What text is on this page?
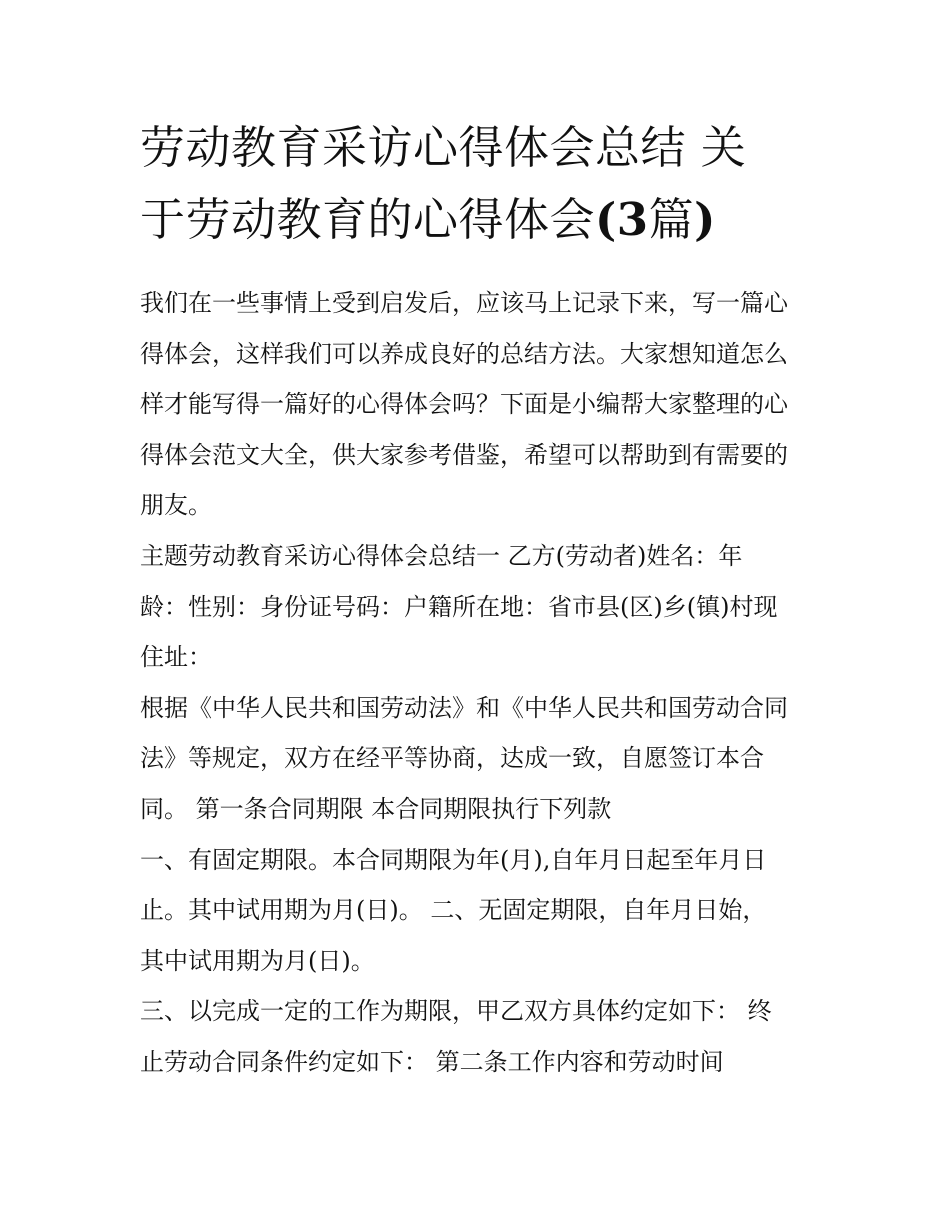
劳动教育采访心得体会总结 关
于劳动教育的心得体会(3篇)

我们在一些事情上受到启发后，应该马上记录下来，写一篇心
得体会，这样我们可以养成良好的总结方法。大家想知道怎么
样才能写得一篇好的心得体会吗？下面是小编帮大家整理的心
得体会范文大全，供大家参考借鉴，希望可以帮助到有需要的
朋友。

主题劳动教育采访心得体会总结一 乙方(劳动者)姓名：年
龄：性别：身份证号码：户籍所在地：省市县(区)乡(镇)村现
住址：

根据《中华人民共和国劳动法》和《中华人民共和国劳动合同
法》等规定，双方在经平等协商，达成一致，自愿签订本合
同。 第一条合同期限 本合同期限执行下列款

一、有固定期限。本合同期限为年(月),自年月日起至年月日
止。其中试用期为月(日)。 二、无固定期限，自年月日始，
其中试用期为月(日)。

三、以完成一定的工作为期限，甲乙双方具体约定如下： 终
止劳动合同条件约定如下： 第二条工作内容和劳动时间
